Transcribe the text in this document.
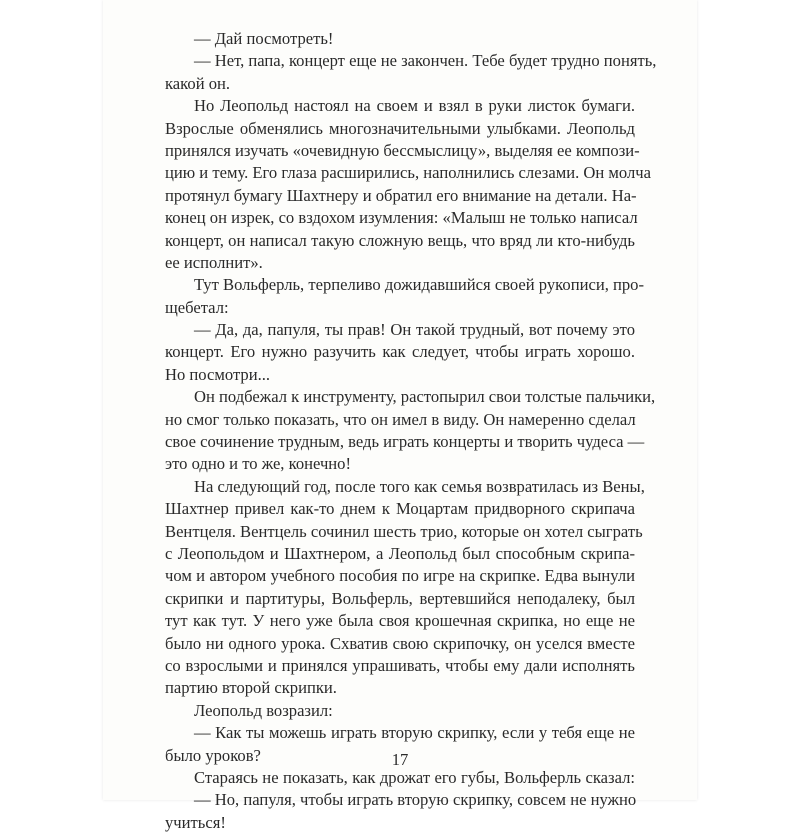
— Дай посмотреть!
— Нет, папа, концерт еще не закончен. Тебе будет трудно понять,
какой он.
Но Леопольд настоял на своем и взял в руки листок бумаги.
Взрослые обменялись многозначительными улыбками. Леопольд
принялся изучать «очевидную бессмыслицу», выделяя ее компози-
цию и тему. Его глаза расширились, наполнились слезами. Он молча
протянул бумагу Шахтнеру и обратил его внимание на детали. На-
конец он изрек, со вздохом изумления: «Малыш не только написал
концерт, он написал такую сложную вещь, что вряд ли кто-нибудь
ее исполнит».
Тут Вольферль, терпеливо дожидавшийся своей рукописи, про-
щебетал:
— Да, да, папуля, ты прав! Он такой трудный, вот почему это
концерт. Его нужно разучить как следует, чтобы играть хорошо.
Но посмотри...
Он подбежал к инструменту, растопырил свои толстые пальчики,
но смог только показать, что он имел в виду. Он намеренно сделал
свое сочинение трудным, ведь играть концерты и творить чудеса —
это одно и то же, конечно!
На следующий год, после того как семья возвратилась из Вены,
Шахтнер привел как-то днем к Моцартам придворного скрипача
Вентцеля. Вентцель сочинил шесть трио, которые он хотел сыграть
с Леопольдом и Шахтнером, а Леопольд был способным скрипа-
чом и автором учебного пособия по игре на скрипке. Едва вынули
скрипки и партитуры, Вольферль, вертевшийся неподалеку, был
тут как тут. У него уже была своя крошечная скрипка, но еще не
было ни одного урока. Схватив свою скрипочку, он уселся вместе
со взрослыми и принялся упрашивать, чтобы ему дали исполнять
партию второй скрипки.
Леопольд возразил:
— Как ты можешь играть вторую скрипку, если у тебя еще не
было уроков?
Стараясь не показать, как дрожат его губы, Вольферль сказал:
— Но, папуля, чтобы играть вторую скрипку, совсем не нужно
учиться!
17
